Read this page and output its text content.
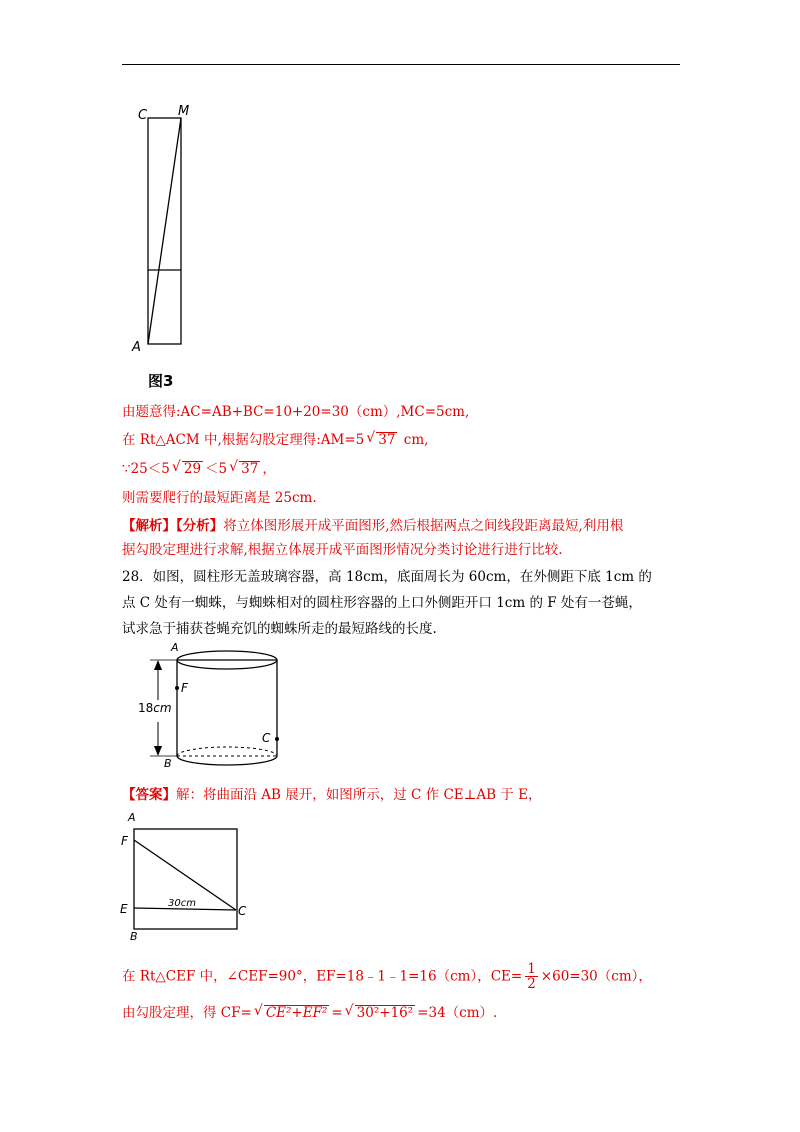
C M
A
图3
由题意得:AC=AB+BC=10+20=30（cm）,MC=5cm,
在 Rt△ACM 中,根据勾股定理得:AM=5 √ 37 cm,
∵25＜5 √ 29 ＜5 √ 37 ，
则需要爬行的最短距离是 25cm.
【解析】【分析】将立体图形展开成平面图形,然后根据两点之间线段距离最短,利用根
据勾股定理进行求解,根据立体展开成平面图形情况分类讨论进行进行比较.
28．如图，圆柱形无盖玻璃容器，高 18cm，底面周长为 60cm，在外侧距下底 1cm 的
点 C 处有一蜘蛛，与蜘蛛相对的圆柱形容器的上口外侧距开口 1cm 的 F 处有一苍蝇，
试求急于捕获苍蝇充饥的蜘蛛所走的最短路线的长度.
A
F
C
B
18cm
【答案】解：将曲面沿 AB 展开，如图所示，过 C 作 CE⊥AB 于 E，
A
F
E
B
C
30cm
在 Rt△CEF 中，∠CEF=90°，EF=18﹣1﹣1=16（cm），$CE= \frac{1}{2} \times 60=30(cm)$，
由勾股定理，得 CF= √ CE²+EF² = √ 30²+16² =34（cm）.
